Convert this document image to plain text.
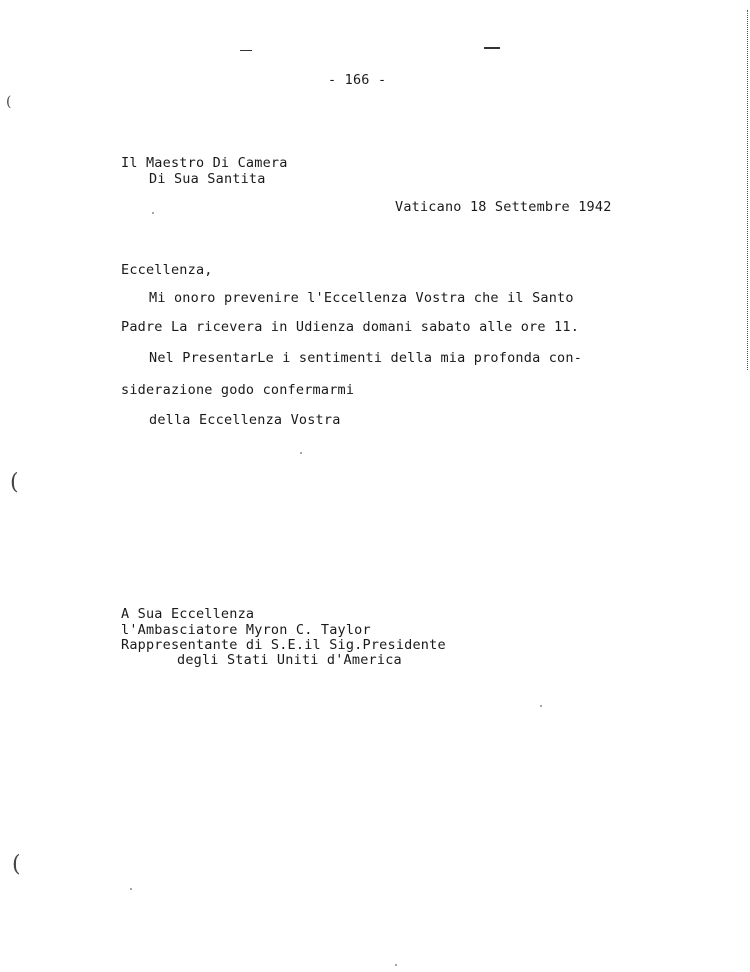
- 166 -
Il Maestro Di Camera
Di Sua Santita
Vaticano 18 Settembre 1942
Eccellenza,
Mi onoro prevenire l'Eccellenza Vostra che il Santo
Padre La ricevera in Udienza domani sabato alle ore 11.
Nel PresentarLe i sentimenti della mia profonda con-
siderazione godo confermarmi
della Eccellenza Vostra
A Sua Eccellenza
l'Ambasciatore Myron C. Taylor
Rappresentante di S.E.il Sig.Presidente
degli Stati Uniti d'America
(
(
(
